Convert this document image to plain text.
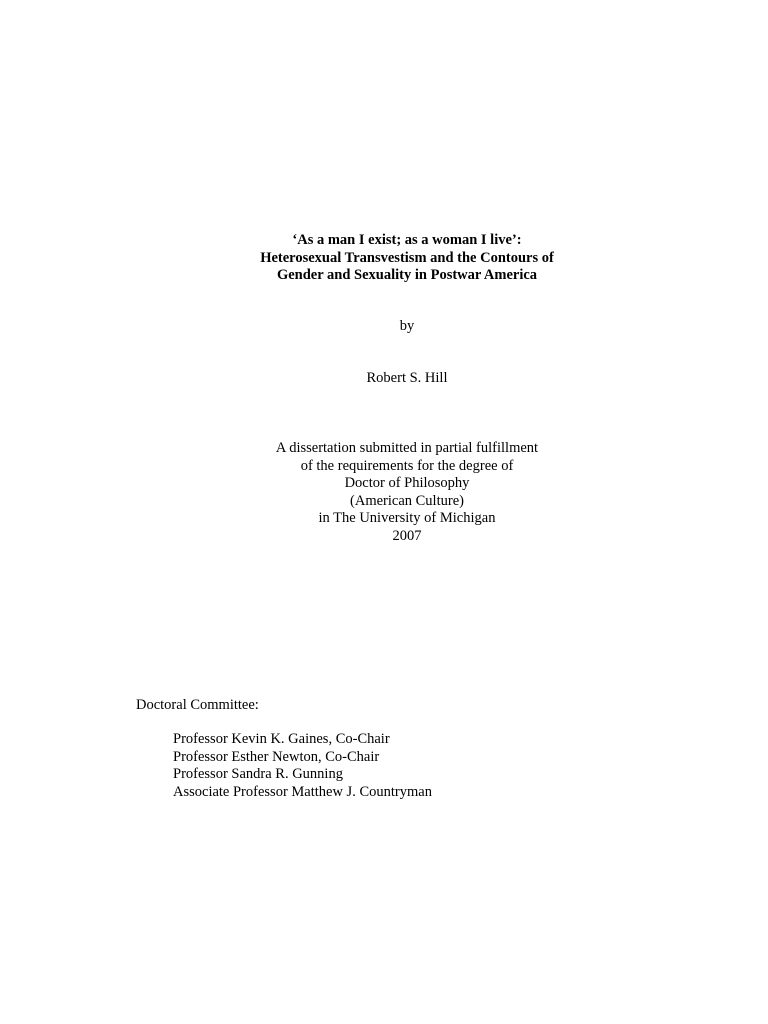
‘As a man I exist; as a woman I live’:
Heterosexual Transvestism and the Contours of
Gender and Sexuality in Postwar America
by
Robert S. Hill
A dissertation submitted in partial fulfillment
of the requirements for the degree of
Doctor of Philosophy
(American Culture)
in The University of Michigan
2007
Doctoral Committee:
Professor Kevin K. Gaines, Co-Chair
Professor Esther Newton, Co-Chair
Professor Sandra R. Gunning
Associate Professor Matthew J. Countryman
